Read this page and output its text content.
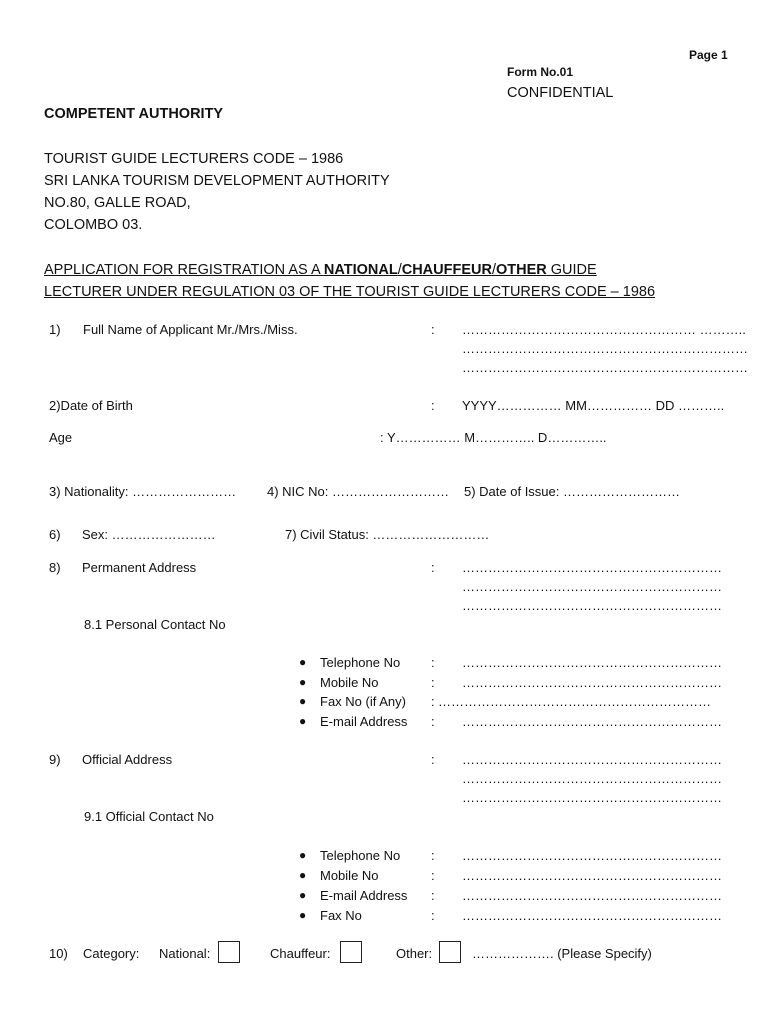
Page 1
Form No.01
CONFIDENTIAL
COMPETENT AUTHORITY
TOURIST GUIDE LECTURERS CODE – 1986
SRI LANKA TOURISM DEVELOPMENT AUTHORITY
NO.80, GALLE ROAD,
COLOMBO 03.
APPLICATION FOR REGISTRATION AS A NATIONAL/CHAUFFEUR/OTHER GUIDE
LECTURER UNDER REGULATION 03 OF THE TOURIST GUIDE LECTURERS CODE – 1986
1) Full Name of Applicant Mr./Mrs./Miss.	: ……………………………………………… ………..
…………………………………………………………
…………………………………………………………
2)Date of Birth	: YYYY…………… MM…………… DD ………..
Age	: Y…………… M………….. D…………..
3) Nationality: …………………… 4) NIC No: ……………………… 5) Date of Issue: ………………………
6) Sex: ……………………	7) Civil Status: ………………………
8) Permanent Address	: ……………………………………………………
……………………………………………………
……………………………………………………
8.1 Personal Contact No
● Telephone No : ……………………………………………………
● Mobile No	: ……………………………………………………
● Fax No (if Any) : ………………………………………………………
● E-mail Address : ……………………………………………………
9) Official Address	: ……………………………………………………
……………………………………………………
……………………………………………………
9.1 Official Contact No
● Telephone No : ……………………………………………………
● Mobile No	: ……………………………………………………
● E-mail Address : ……………………………………………………
● Fax No	: ……………………………………………………
10) Category: National:	Chauffeur:	Other:	………………. (Please Specify)
